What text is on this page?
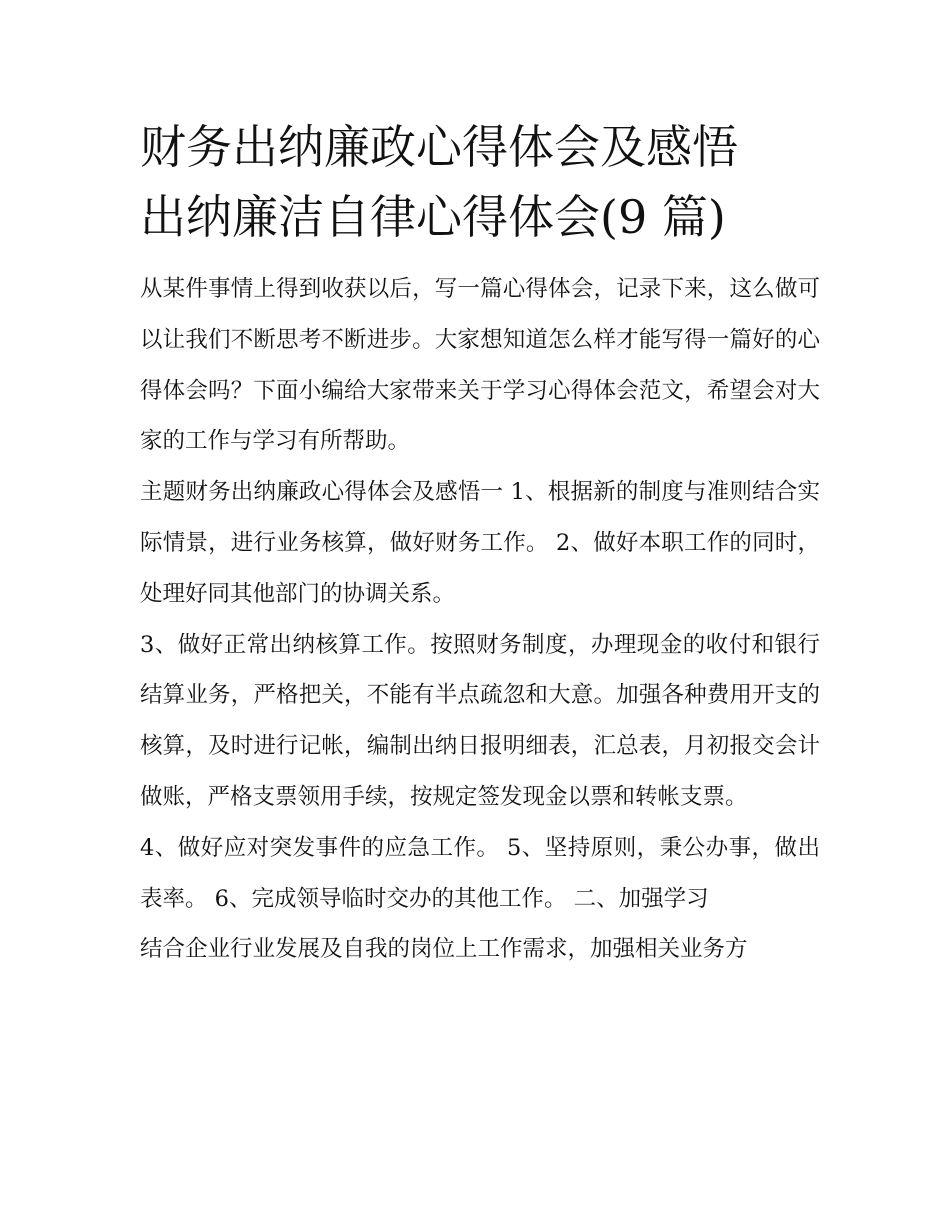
财务出纳廉政心得体会及感悟
出纳廉洁自律心得体会(9 篇)

从某件事情上得到收获以后，写一篇心得体会，记录下来，这么做可以让我们不断思考不断进步。大家想知道怎么样才能写得一篇好的心得体会吗？下面小编给大家带来关于学习心得体会范文，希望会对大家的工作与学习有所帮助。

主题财务出纳廉政心得体会及感悟一 1、根据新的制度与准则结合实际情景，进行业务核算，做好财务工作。 2、做好本职工作的同时，处理好同其他部门的协调关系。

3、做好正常出纳核算工作。按照财务制度，办理现金的收付和银行结算业务，严格把关，不能有半点疏忽和大意。加强各种费用开支的核算，及时进行记帐，编制出纳日报明细表，汇总表，月初报交会计做账，严格支票领用手续，按规定签发现金以票和转帐支票。

4、做好应对突发事件的应急工作。 5、坚持原则，秉公办事，做出表率。 6、完成领导临时交办的其他工作。 二、加强学习

结合企业行业发展及自我的岗位上工作需求，加强相关业务方
